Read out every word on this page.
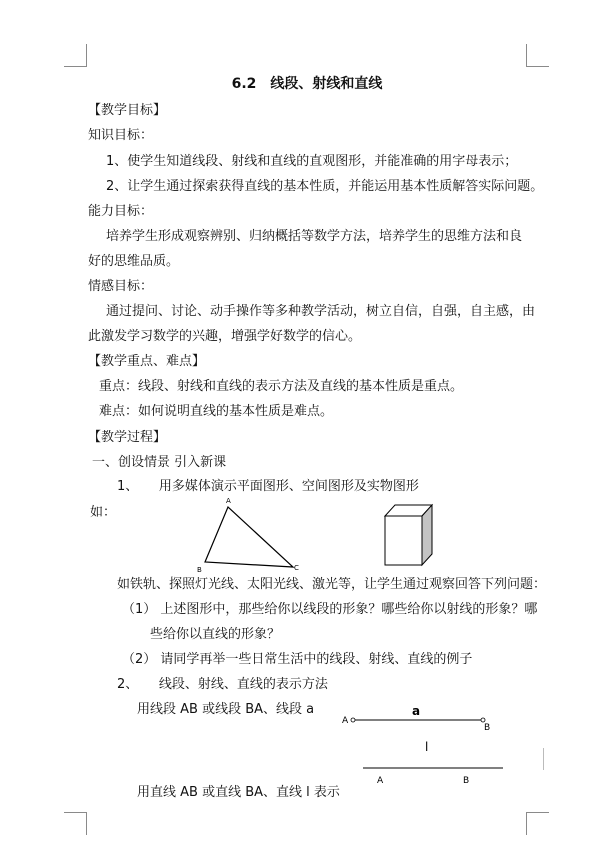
6.2 线段、射线和直线
【教学目标】
知识目标：
1、使学生知道线段、射线和直线的直观图形，并能准确的用字母表示；
2、让学生通过探索获得直线的基本性质，并能运用基本性质解答实际问题。
能力目标：
培养学生形成观察辨别、归纳概括等数学方法，培养学生的思维方法和良
好的思维品质。
情感目标：
通过提问、讨论、动手操作等多种教学活动，树立自信，自强，自主感，由
此激发学习数学的兴趣，增强学好数学的信心。
【教学重点、难点】
重点：线段、射线和直线的表示方法及直线的基本性质是重点。
难点：如何说明直线的基本性质是难点。
【教学过程】
一、创设情景 引入新课
1、     用多媒体演示平面图形、空间图形及实物图形
如：
A
B	C
如铁轨、探照灯光线、太阳光线、激光等，让学生通过观察回答下列问题：
（1） 上述图形中，那些给你以线段的形象？哪些给你以射线的形象？哪
些给你以直线的形象？
（2） 请同学再举一些日常生活中的线段、射线、直线的例子
2、     线段、射线、直线的表示方法
用线段 AB 或线段 BA、线段 a
A
B
a
l
A	B
用直线 AB 或直线 BA、直线 l 表示
